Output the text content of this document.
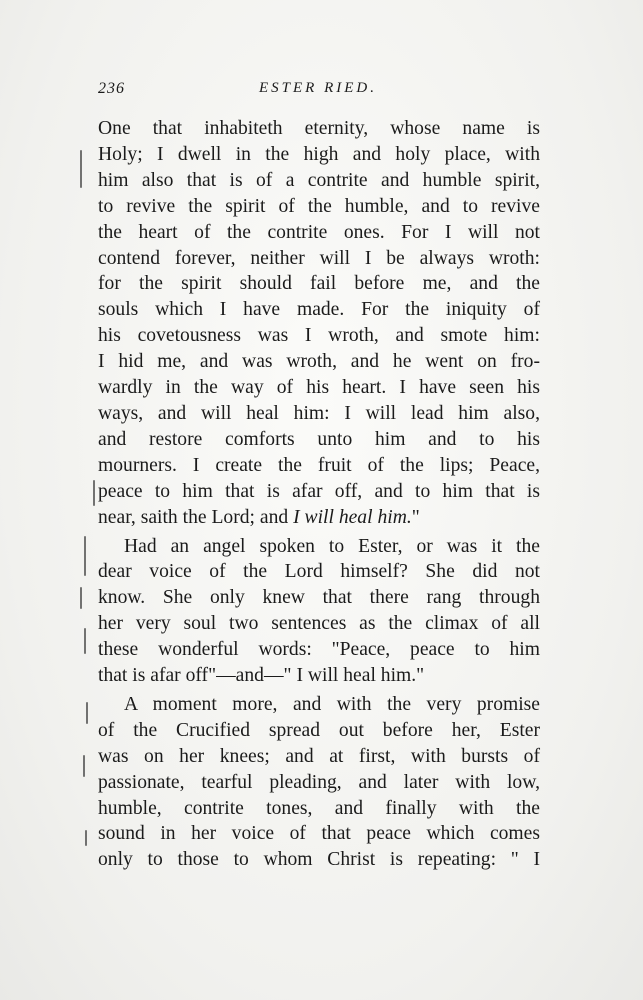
236	ESTER RIED.
One that inhabiteth eternity, whose name is
Holy; I dwell in the high and holy place, with
him also that is of a contrite and humble spirit,
to revive the spirit of the humble, and to revive
the heart of the contrite ones. For I will not
contend forever, neither will I be always wroth:
for the spirit should fail before me, and the
souls which I have made. For the iniquity of
his covetousness was I wroth, and smote him:
I hid me, and was wroth, and he went on fro-
wardly in the way of his heart. I have seen his
ways, and will heal him: I will lead him also,
and restore comforts unto him and to his
mourners. I create the fruit of the lips; Peace,
peace to him that is afar off, and to him that is
near, saith the Lord; and I will heal him."
Had an angel spoken to Ester, or was it the
dear voice of the Lord himself? She did not
know. She only knew that there rang through
her very soul two sentences as the climax of all
these wonderful words: "Peace, peace to him
that is afar off"—and—" I will heal him."
A moment more, and with the very promise
of the Crucified spread out before her, Ester
was on her knees; and at first, with bursts of
passionate, tearful pleading, and later with low,
humble, contrite tones, and finally with the
sound in her voice of that peace which comes
only to those to whom Christ is repeating: " I
